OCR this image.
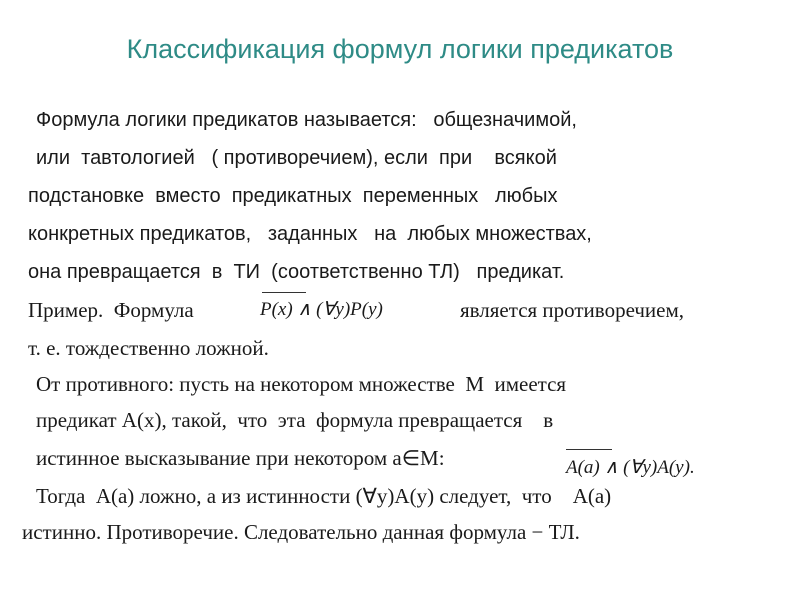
Классификация формул логики предикатов
Формула логики предикатов называется:   общезначимой,
или  тавтологией   ( противоречием), если  при    всякой
подстановке  вместо  предикатных  переменных   любых
конкретных предикатов,   заданных   на  любых множествах,
она превращается  в  ТИ  (соответственно ТЛ)   предикат.
Пример.  Формула	P(x) ∧ (∀y)P(y)	является противоречием,
т. е. тождественно ложной.
От противного: пусть на некотором множестве  М  имеется
предикат А(х), такой,  что  эта  формула превращается    в
истинное высказывание при некотором а∈М:	A(a) ∧ (∀y)A(y).
Тогда  А(а) ложно, а из истинности (∀у)А(у) следует,  что    А(а)
истинно. Противоречие. Следовательно данная формула − ТЛ.
